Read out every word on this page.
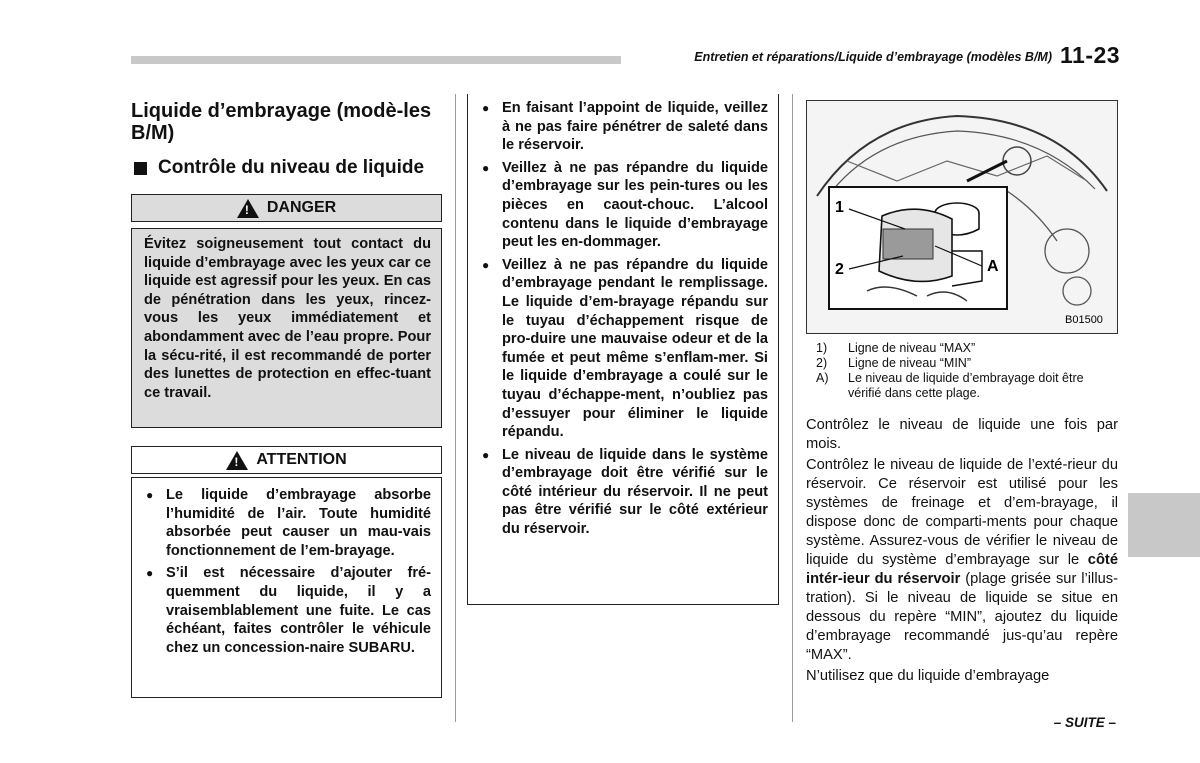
Entretien et réparations/Liquide d’embrayage (modèles B/M) 11-23
Liquide d’embrayage (modè-les B/M)
Contrôle du niveau de liquide
! DANGER
Évitez soigneusement tout contact du liquide d’embrayage avec les yeux car ce liquide est agressif pour les yeux. En cas de pénétration dans les yeux, rincez-vous les yeux immédiatement et abondamment avec de l’eau propre. Pour la sécu-rité, il est recommandé de porter des lunettes de protection en effec-tuant ce travail.
! ATTENTION
● Le liquide d’embrayage absorbe l’humidité de l’air. Toute humidité absorbée peut causer un mau-vais fonctionnement de l’em-brayage.
● S’il est nécessaire d’ajouter fré-quemment du liquide, il y a vraisemblablement une fuite. Le cas échéant, faites contrôler le véhicule chez un concession-naire SUBARU.
● En faisant l’appoint de liquide, veillez à ne pas faire pénétrer de saleté dans le réservoir.
● Veillez à ne pas répandre du liquide d’embrayage sur les pein-tures ou les pièces en caout-chouc. L’alcool contenu dans le liquide d’embrayage peut les en-dommager.
● Veillez à ne pas répandre du liquide d’embrayage pendant le remplissage. Le liquide d’em-brayage répandu sur le tuyau d’échappement risque de pro-duire une mauvaise odeur et de la fumée et peut même s’enflam-mer. Si le liquide d’embrayage a coulé sur le tuyau d’échappe-ment, n’oubliez pas d’essuyer pour éliminer le liquide répandu.
● Le niveau de liquide dans le système d’embrayage doit être vérifié sur le côté intérieur du réservoir. Il ne peut pas être vérifié sur le côté extérieur du réservoir.
1
2	A
B01500
1)	Ligne de niveau “MAX”
2)	Ligne de niveau “MIN”
A)	Le niveau de liquide d’embrayage doit être vérifié dans cette plage.

Contrôlez le niveau de liquide une fois par mois.

Contrôlez le niveau de liquide de l’exté-rieur du réservoir. Ce réservoir est utilisé pour les systèmes de freinage et d’em-brayage, il dispose donc de comparti-ments pour chaque système. Assurez-vous de vérifier le niveau de liquide du système d’embrayage sur le côté intér-ieur du réservoir (plage grisée sur l’illus-tration). Si le niveau de liquide se situe en dessous du repère “MIN”, ajoutez du liquide d’embrayage recommandé jus-qu’au repère “MAX”.

N’utilisez que du liquide d’embrayage

– SUITE –
